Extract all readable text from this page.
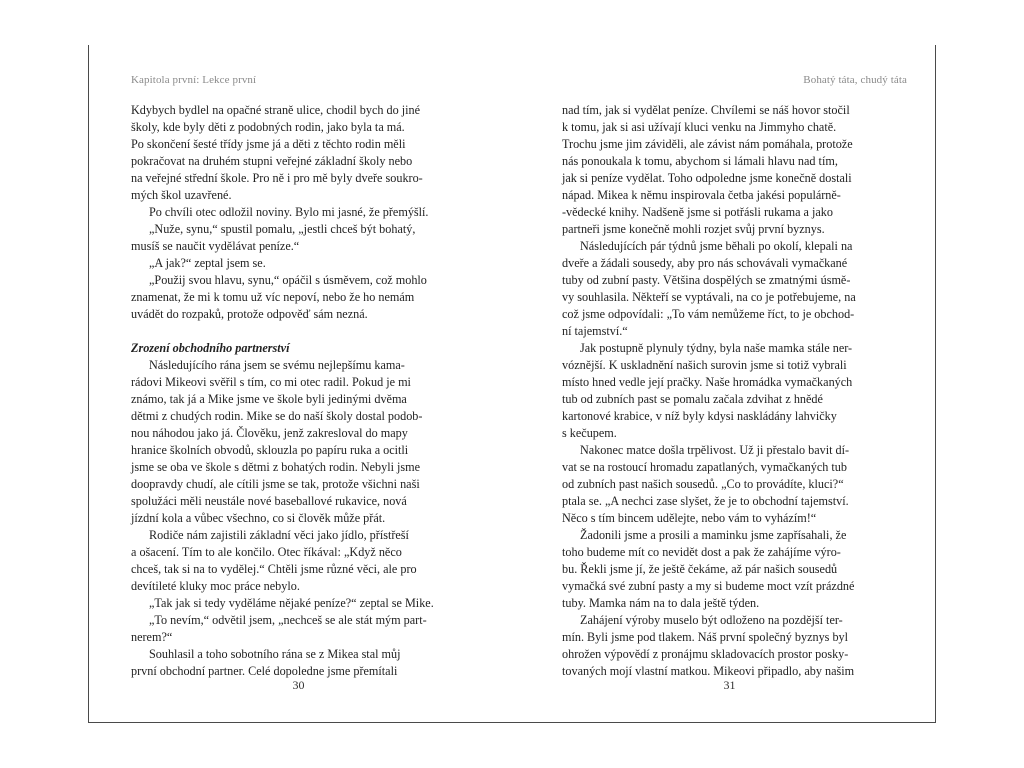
Kapitola první: Lekce první
Kdybych bydlel na opačné straně ulice, chodil bych do jiné
školy, kde byly děti z podobných rodin, jako byla ta má.
Po skončení šesté třídy jsme já a děti z těchto rodin měli
pokračovat na druhém stupni veřejné základní školy nebo
na veřejné střední škole. Pro ně i pro mě byly dveře soukro-
mých škol uzavřené.
Po chvíli otec odložil noviny. Bylo mi jasné, že přemýšlí.
„Nuže, synu,“ spustil pomalu, „jestli chceš být bohatý,
musíš se naučit vydělávat peníze.“
„A jak?“ zeptal jsem se.
„Použij svou hlavu, synu,“ opáčil s úsměvem, což mohlo
znamenat, že mi k tomu už víc nepoví, nebo že ho nemám
uvádět do rozpaků, protože odpověď sám nezná.
Zrození obchodního partnerství
Následujícího rána jsem se svému nejlepšímu kama-
rádovi Mikeovi svěřil s tím, co mi otec radil. Pokud je mi
známo, tak já a Mike jsme ve škole byli jedinými dvěma
dětmi z chudých rodin. Mike se do naší školy dostal podob-
nou náhodou jako já. Člověku, jenž zakresloval do mapy
hranice školních obvodů, sklouzla po papíru ruka a ocitli
jsme se oba ve škole s dětmi z bohatých rodin. Nebyli jsme
doopravdy chudí, ale cítili jsme se tak, protože všichni naši
spolužáci měli neustále nové baseballové rukavice, nová
jízdní kola a vůbec všechno, co si člověk může přát.
Rodiče nám zajistili základní věci jako jídlo, přístřeší
a ošacení. Tím to ale končilo. Otec říkával: „Když něco
chceš, tak si na to vydělej.“ Chtěli jsme různé věci, ale pro
devítileté kluky moc práce nebylo.
„Tak jak si tedy vyděláme nějaké peníze?“ zeptal se Mike.
„To nevím,“ odvětil jsem, „nechceš se ale stát mým part-
nerem?“
Souhlasil a toho sobotního rána se z Mikea stal můj
první obchodní partner. Celé dopoledne jsme přemítali
30
Bohatý táta, chudý táta
nad tím, jak si vydělat peníze. Chvílemi se náš hovor stočil
k tomu, jak si asi užívají kluci venku na Jimmyho chatě.
Trochu jsme jim záviděli, ale závist nám pomáhala, protože
nás ponoukala k tomu, abychom si lámali hlavu nad tím,
jak si peníze vydělat. Toho odpoledne jsme konečně dostali
nápad. Mikea k němu inspirovala četba jakési populárně-
-vědecké knihy. Nadšeně jsme si potřásli rukama a jako
partneři jsme konečně mohli rozjet svůj první byznys.
Následujících pár týdnů jsme běhali po okolí, klepali na
dveře a žádali sousedy, aby pro nás schovávali vymačkané
tuby od zubní pasty. Většina dospělých se zmatnými úsmě-
vy souhlasila. Někteří se vyptávali, na co je potřebujeme, na
což jsme odpovídali: „To vám nemůžeme říct, to je obchod-
ní tajemství.“
Jak postupně plynuly týdny, byla naše mamka stále ner-
vóznější. K uskladnění našich surovin jsme si totiž vybrali
místo hned vedle její pračky. Naše hromádka vymačkaných
tub od zubních past se pomalu začala zdvihat z hnědé
kartonové krabice, v níž byly kdysi naskládány lahvičky
s kečupem.
Nakonec matce došla trpělivost. Už ji přestalo bavit dí-
vat se na rostoucí hromadu zapatlaných, vymačkaných tub
od zubních past našich sousedů. „Co to provádíte, kluci?“
ptala se. „A nechci zase slyšet, že je to obchodní tajemství.
Něco s tím bincem udělejte, nebo vám to vyházím!“
Žadonili jsme a prosili a maminku jsme zapřísahali, že
toho budeme mít co nevidět dost a pak že zahájíme výro-
bu. Řekli jsme jí, že ještě čekáme, až pár našich sousedů
vymačká své zubní pasty a my si budeme moct vzít prázdné
tuby. Mamka nám na to dala ještě týden.
Zahájení výroby muselo být odloženo na pozdější ter-
mín. Byli jsme pod tlakem. Náš první společný byznys byl
ohrožen výpovědí z pronájmu skladovacích prostor posky-
tovaných mojí vlastní matkou. Mikeovi připadlo, aby našim
31
